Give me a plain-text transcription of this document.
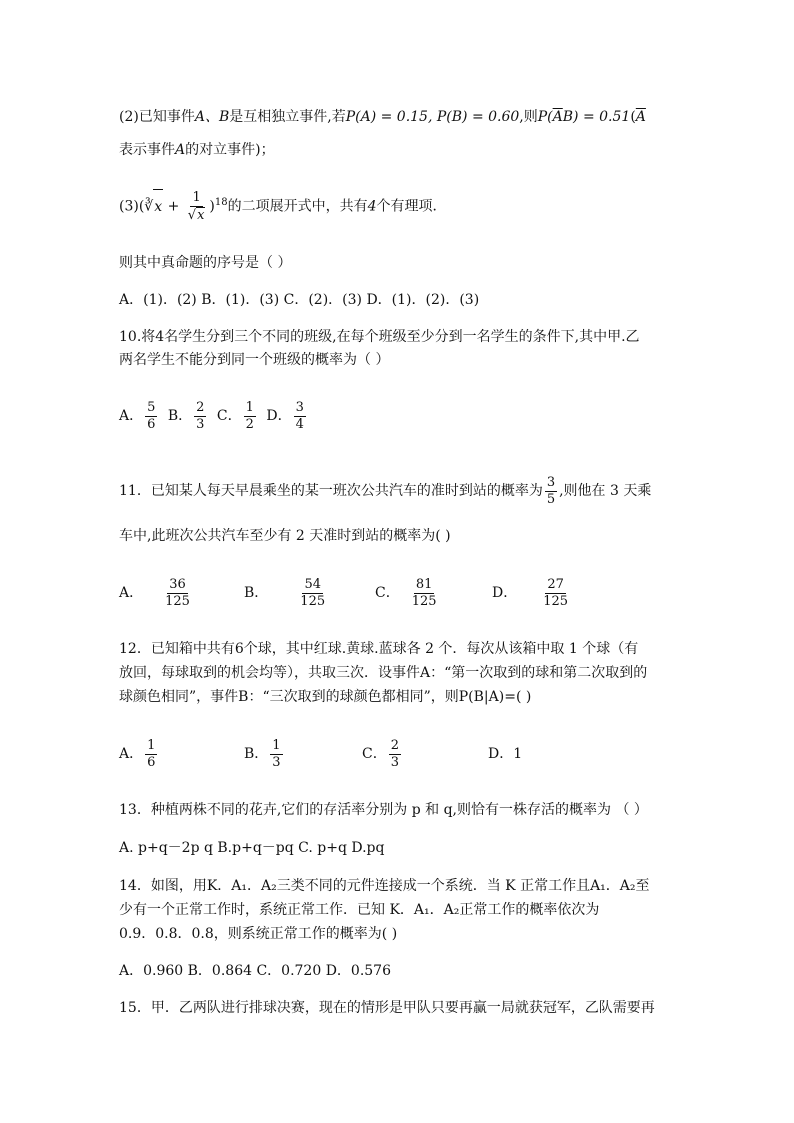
(2)已知事件A、B是互相独立事件,若P(A) = 0.15, P(B) = 0.60,则$P(\overline{A}B) = 0.51(\overline{A}$
表示事件A的对立事件)；
(3)(∛x + $\frac{1}{√x} )^{18}$的二项展开式中，共有4个有理项．
则其中真命题的序号是（ ）
A．(1)．(2) B．(1)．(3) C．(2)．(3) D．(1)．(2)．(3)
10.将4名学生分到三个不同的班级,在每个班级至少分到一名学生的条件下,其中甲.乙
两名学生不能分到同一个班级的概率为（ ）
A． $\frac{5}{6}$ B． $\frac{2}{3}$ C． $\frac{1}{2}$ D． $\frac{3}{4}$
11．已知某人每天早晨乘坐的某一班次公共汽车的准时到站的概率为 $\frac{3}{5}$ ,则他在 3 天乘
车中,此班次公共汽车至少有 2 天准时到站的概率为( )
A． $\frac{36}{125}$	B． $\frac{54}{125}$	C． $\frac{81}{125}$	D． $\frac{27}{125}$
12．已知箱中共有6个球，其中红球.黄球.蓝球各 2 个．每次从该箱中取 1 个球（有
放回，每球取到的机会均等），共取三次．设事件A：“第一次取到的球和第二次取到的
球颜色相同”，事件B：“三次取到的球颜色都相同”，则P(B|A)=( )
A． $\frac{1}{6}$	B． $\frac{1}{3}$	C． $\frac{2}{3}$	D．1
13．种植两株不同的花卉,它们的存活率分别为 p 和 q,则恰有一株存活的概率为 （ ）
A. p+q－2p q B.p+q－pq C. p+q D.pq
14．如图，用K．A₁．A₂三类不同的元件连接成一个系统．当 K 正常工作且A₁．A₂至
少有一个正常工作时，系统正常工作．已知 K．A₁．A₂正常工作的概率依次为
0.9．0.8．0.8，则系统正常工作的概率为( )
A．0.960 B．0.864 C．0.720 D．0.576
15．甲．乙两队进行排球决赛，现在的情形是甲队只要再赢一局就获冠军，乙队需要再
